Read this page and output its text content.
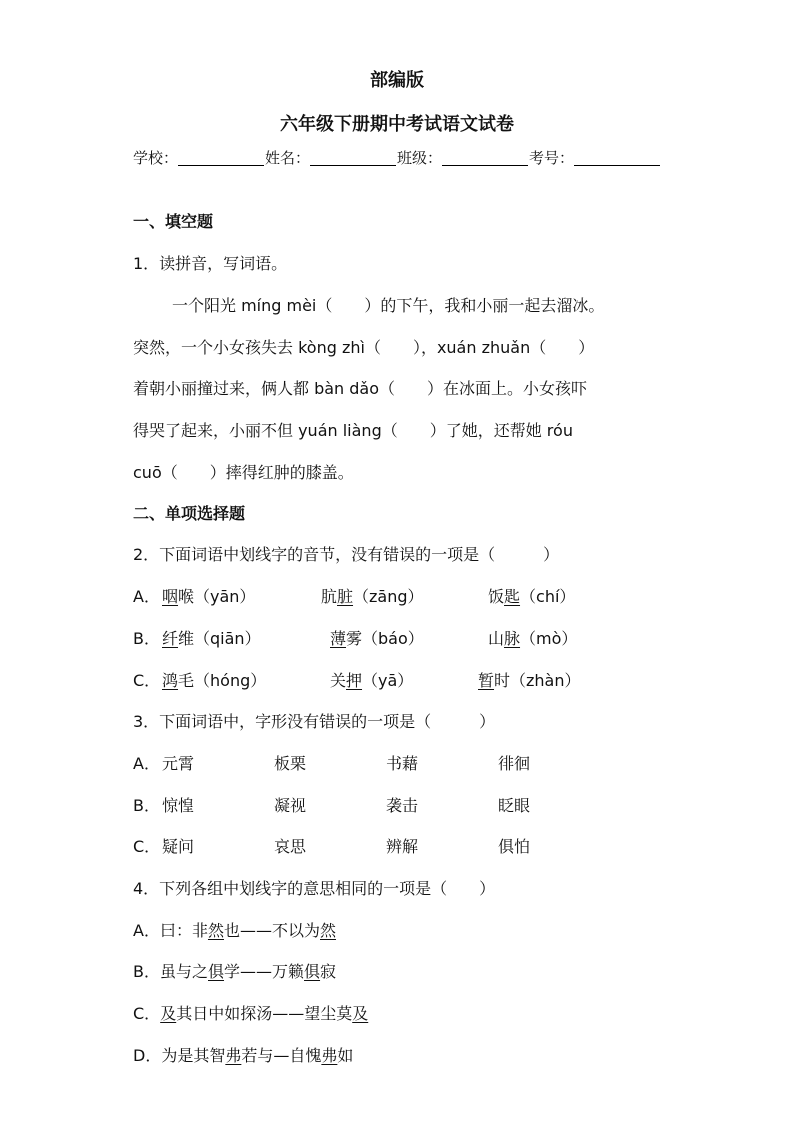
部编版
六年级下册期中考试语文试卷
学校：	姓名：	班级：	考号：
一、填空题
1．读拼音，写词语。
一个阳光 míng mèi（　　）的下午，我和小丽一起去溜冰。
突然，一个小女孩失去 kòng zhì（　　），xuán zhuǎn（　　）
着朝小丽撞过来，俩人都 bàn dǎo（　　）在冰面上。小女孩吓
得哭了起来，小丽不但 yuán liàng（　　）了她，还帮她 róu
cuō（　　）摔得红肿的膝盖。
二、单项选择题
2．下面词语中划线字的音节，没有错误的一项是（　　　）
A． 咽喉（yān）	肮脏（zāng）	饭匙（chí）
B． 纤维（qiān）	薄雾（báo）	山脉（mò）
C． 鸿毛（hóng）	关押（yā）	暂时（zhàn）
3．下面词语中，字形没有错误的一项是（　　　）
A． 元霄	板栗	书藉	徘徊
B． 惊惶	凝视	袭击	眨眼
C． 疑问	哀思	辨解	俱怕
4．下列各组中划线字的意思相同的一项是（　　）
A．曰：非然也——不以为然
B．虽与之俱学——万籁俱寂
C．及其日中如探汤——望尘莫及
D．为是其智弗若与—自愧弗如
